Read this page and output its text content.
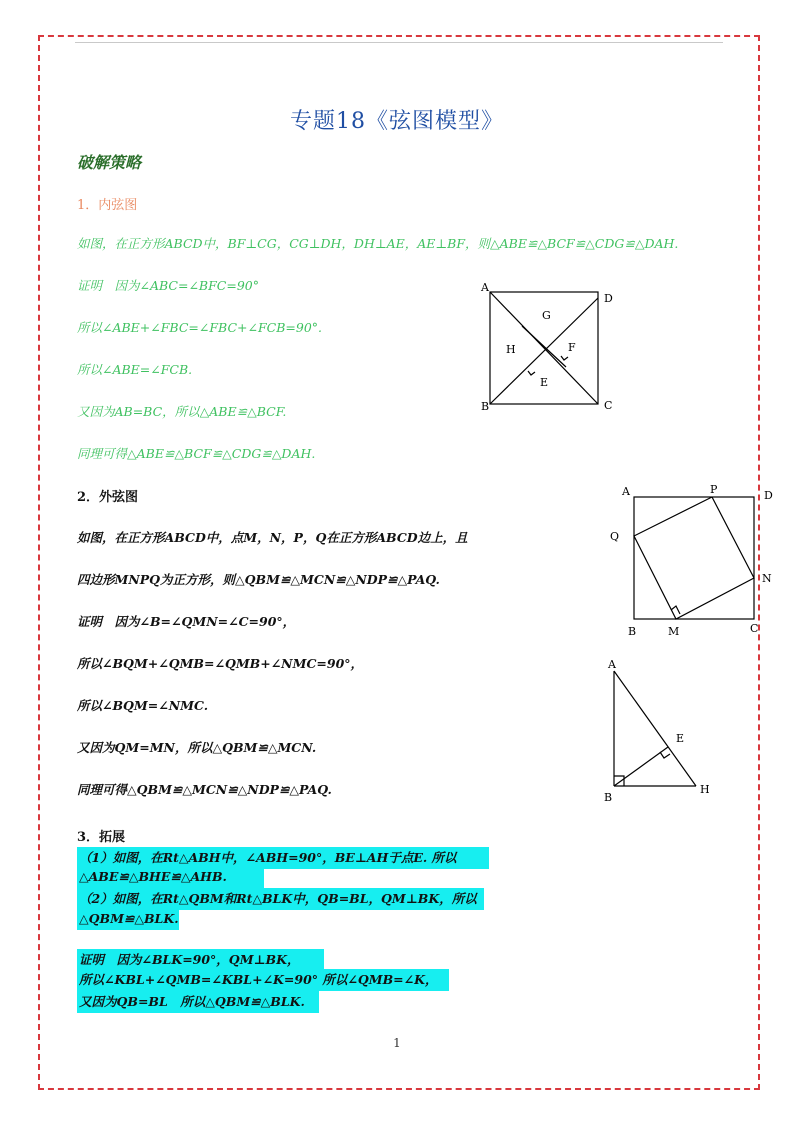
专题18《弦图模型》
破解策略
1．内弦图
如图，在正方形ABCD中，BF⊥CG，CG⊥DH，DH⊥AE，AE⊥BF，则△ABE≌△BCF≌△CDG≌△DAH.
证明　因为∠ABC=∠BFC=90°
所以∠ABE+∠FBC=∠FBC+∠FCB=90°.
所以∠ABE=∠FCB.
又因为AB=BC，所以△ABE≌△BCF.
同理可得△ABE≌△BCF≌△CDG≌△DAH.
A
B	C
D
E
F
G
H
2．外弦图
如图，在正方形ABCD中，点M，N，P，Q在正方形ABCD边上，且
四边形MNPQ为正方形，则△QBM≌△MCN≌△NDP≌△PAQ.
证明　因为∠B=∠QMN=∠C=90°，
所以∠BQM+∠QMB=∠QMB+∠NMC=90°，
所以∠BQM=∠NMC.
又因为QM=MN，所以△QBM≌△MCN.
同理可得△QBM≌△MCN≌△NDP≌△PAQ.
A
B	C
D
P
Q
N
M
A
B
E
H
3．拓展
（1）如图，在Rt△ABH中，∠ABH=90°，BE⊥AH于点E. 所以
△ABE≌△BHE≌△AHB.
（2）如图，在Rt△QBM和Rt△BLK中，QB=BL，QM⊥BK，所以
△QBM≌△BLK.
证明　因为∠BLK=90°，QM⊥BK，
所以∠KBL+∠QMB=∠KBL+∠K=90° 所以∠QMB=∠K，
又因为QB=BL　所以△QBM≌△BLK.
1
